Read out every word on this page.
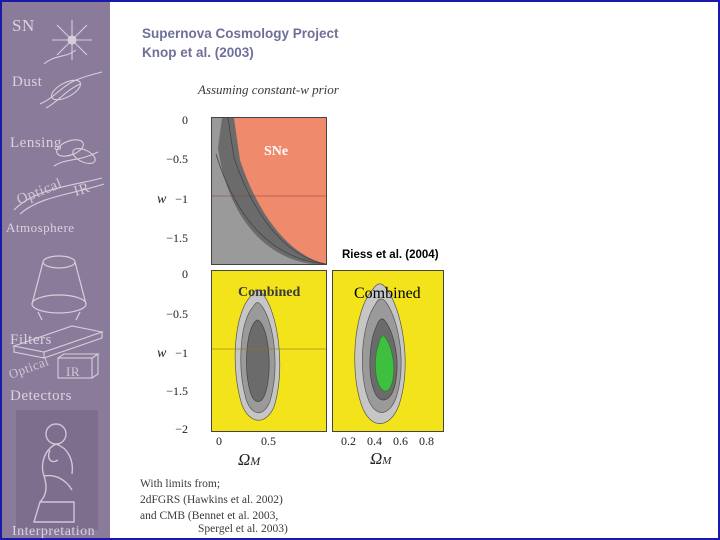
SN
Dust
Lensing
Optical IR
Atmosphere
Filters
Optical IR
Detectors
Interpretation
Supernova Cosmology Project
Knop et al. (2003)
Assuming constant-w prior
w
0
−0.5
−1
−1.5
SNe
w
0
−0.5
−1
−1.5
−2
Combined
0	0.5
ΩM
Riess et al. (2004)
Combined
0.2 0.4 0.6 0.8
ΩM
With limits from;
2dFGRS (Hawkins et al. 2002)
and CMB (Bennet et al. 2003,
Spergel et al. 2003)
